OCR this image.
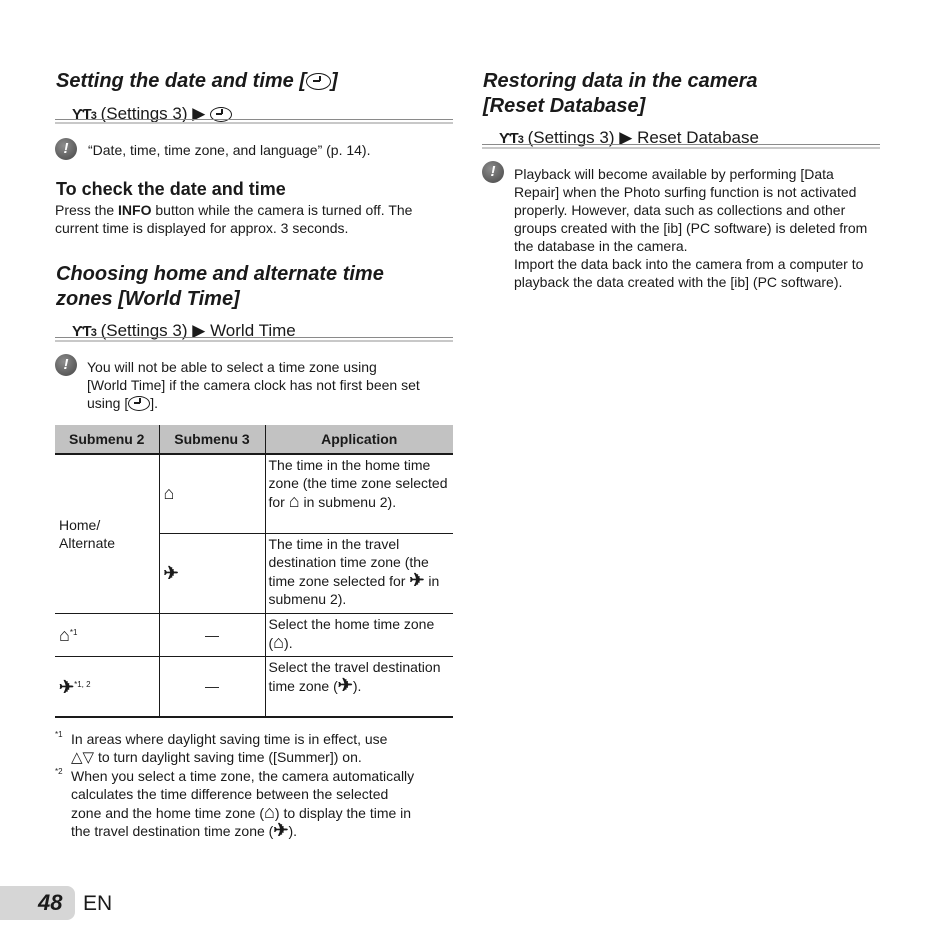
Setting the date and time [ ]
ƳƬ3 (Settings 3) ▶
!	“Date, time, time zone, and language” (p. 14).
To check the date and time
Press the INFO button while the camera is turned off. The current time is displayed for approx. 3 seconds.
Choosing home and alternate time
zones [World Time]
ƳƬ3 (Settings 3) ▶ World Time
!	You will not be able to select a time zone using
[World Time] if the camera clock has not first been set
using [ ].
Submenu 2	Submenu 3	Application
Home/
Alternate	⌂	The time in the home time zone (the time zone selected for ⌂ in submenu 2).
	✈	The time in the travel destination time zone (the time zone selected for ✈ in submenu 2).
⌂$^{*1}$	—	Select the home time zone (⌂).
✈$^{*1, 2}$	—	Select the travel destination time zone (✈).
*1 In areas where daylight saving time is in effect, use
△▽ to turn daylight saving time ([Summer]) on.
*2 When you select a time zone, the camera automatically
calculates the time difference between the selected
zone and the home time zone (⌂) to display the time in
the travel destination time zone (✈).
Restoring data in the camera
[Reset Database]
ƳƬ3 (Settings 3) ▶ Reset Database
!	Playback will become available by performing [Data Repair] when the Photo surfing function is not activated properly. However, data such as collections and other groups created with the [ib] (PC software) is deleted from the database in the camera.
Import the data back into the camera from a computer to playback the data created with the [ib] (PC software).
48 EN
